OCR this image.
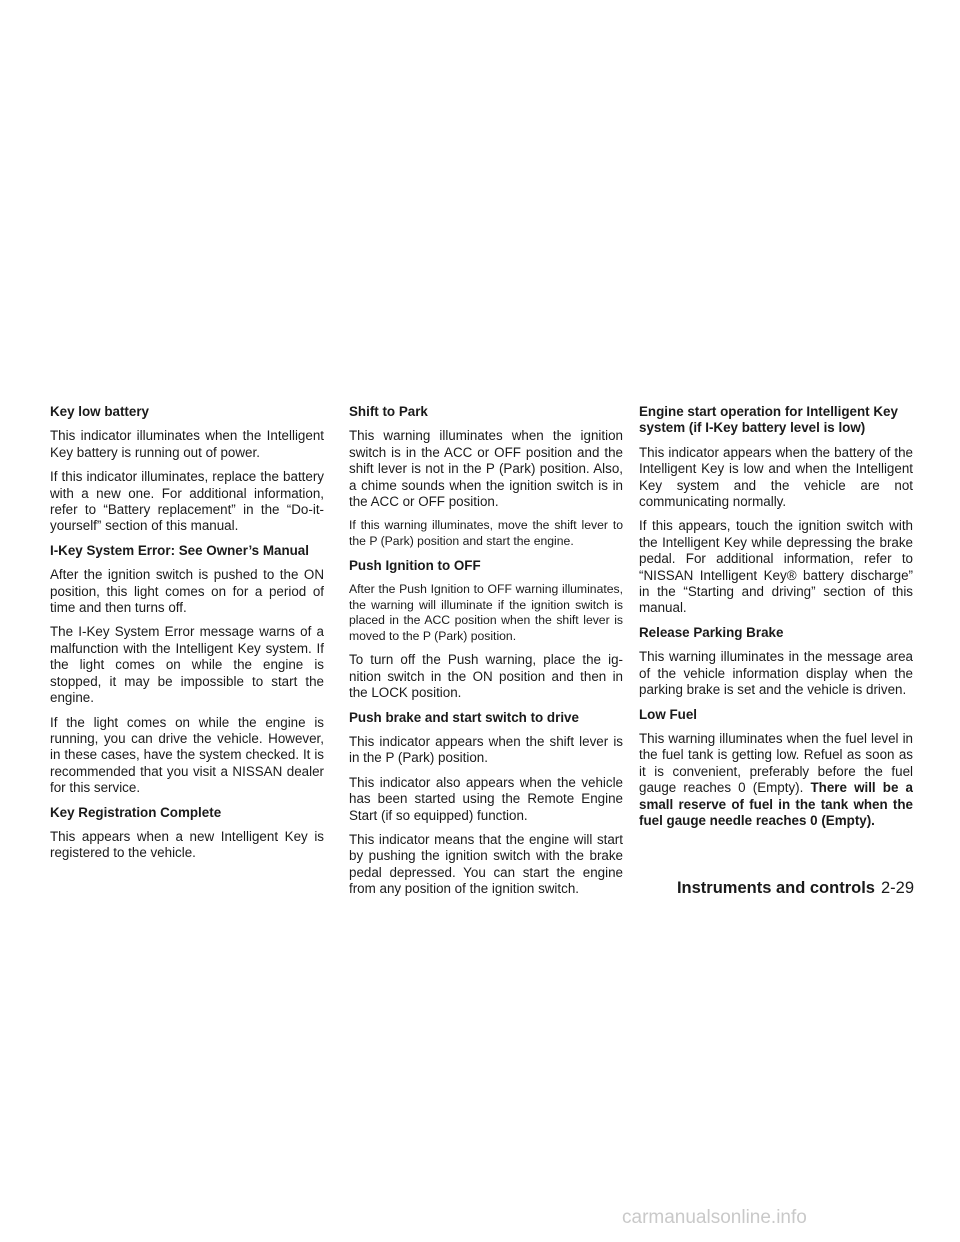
Key low battery

This indicator illuminates when the Intelligent Key battery is running out of power.

If this indicator illuminates, replace the battery with a new one. For additional information, refer to “Battery replacement” in the “Do-it-yourself” section of this manual.

I-Key System Error: See Owner’s Manual

After the ignition switch is pushed to the ON position, this light comes on for a period of time and then turns off.

The I-Key System Error message warns of a malfunction with the Intelligent Key system. If the light comes on while the engine is stopped, it may be impossible to start the engine.

If the light comes on while the engine is running, you can drive the vehicle. However, in these cases, have the system checked. It is recommended that you visit a NISSAN dealer for this service.

Key Registration Complete

This appears when a new Intelligent Key is registered to the vehicle.

Shift to Park

This warning illuminates when the ignition switch is in the ACC or OFF position and the shift lever is not in the P (Park) position. Also, a chime sounds when the ignition switch is in the ACC or OFF position.

If this warning illuminates, move the shift lever to the P (Park) position and start the engine.

Push Ignition to OFF

After the Push Ignition to OFF warning illuminates, the warning will illuminate if the ignition switch is placed in the ACC position when the shift lever is moved to the P (Park) position.

To turn off the Push warning, place the ignition switch in the ON position and then in the LOCK position.

Push brake and start switch to drive

This indicator appears when the shift lever is in the P (Park) position.

This indicator also appears when the vehicle has been started using the Remote Engine Start (if so equipped) function.

This indicator means that the engine will start by pushing the ignition switch with the brake pedal depressed. You can start the engine from any position of the ignition switch.

Engine start operation for Intelligent Key system (if I-Key battery level is low)

This indicator appears when the battery of the Intelligent Key is low and when the Intelligent Key system and the vehicle are not communicating normally.

If this appears, touch the ignition switch with the Intelligent Key while depressing the brake pedal. For additional information, refer to “NISSAN Intelligent Key® battery discharge” in the “Starting and driving” section of this manual.

Release Parking Brake

This warning illuminates in the message area of the vehicle information display when the parking brake is set and the vehicle is driven.

Low Fuel

This warning illuminates when the fuel level in the fuel tank is getting low. Refuel as soon as it is convenient, preferably before the fuel gauge reaches 0 (Empty). There will be a small reserve of fuel in the tank when the fuel gauge needle reaches 0 (Empty).

Instruments and controls 2-29
carmanualsonline.info
